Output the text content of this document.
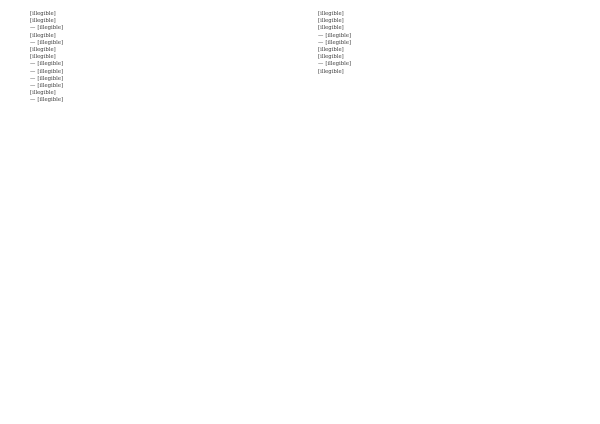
[illegible]

[illegible]

— [illegible]

[illegible]

— [illegible]

[illegible]

[illegible]

— [illegible]

— [illegible]

— [illegible]

— [illegible]

[illegible]

— [illegible]

[illegible]

[illegible]

[illegible]

— [illegible]

— [illegible]

[illegible]

[illegible]

— [illegible]

[illegible]
